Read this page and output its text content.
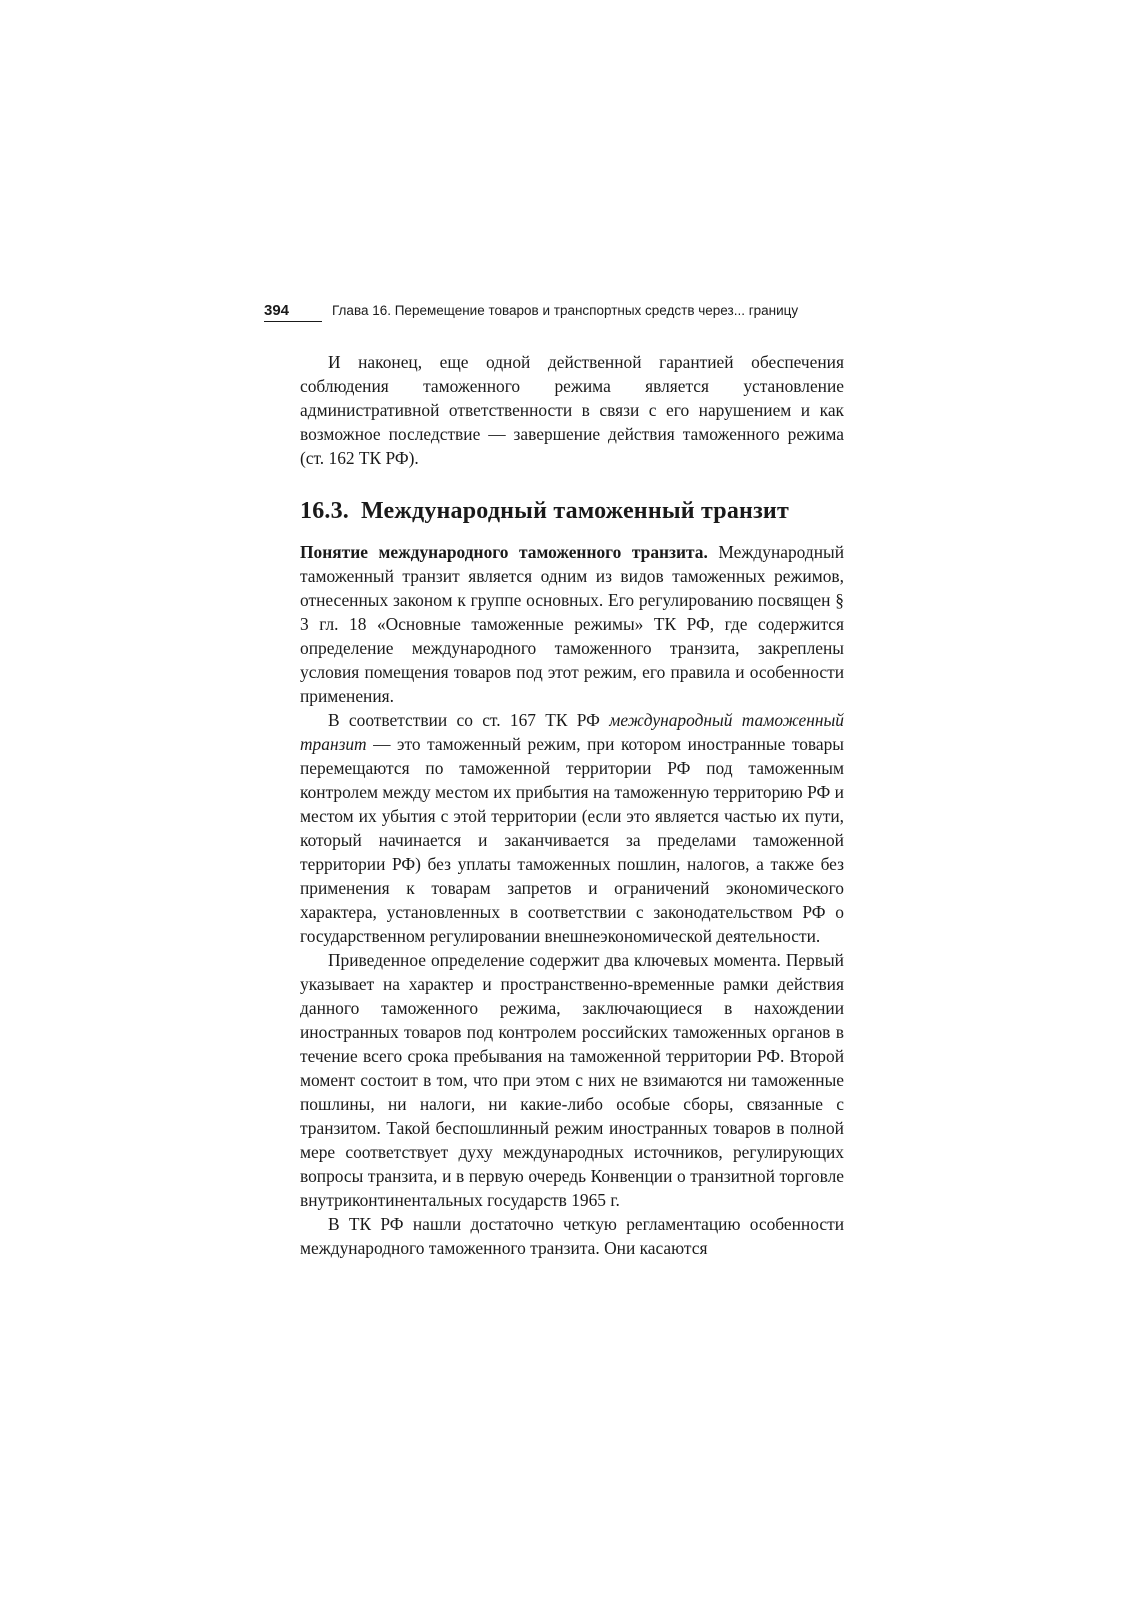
394	Глава 16. Перемещение товаров и транспортных средств через... границу

И наконец, еще одной действенной гарантией обеспечения соблюдения таможенного режима является установление административной ответственности в связи с его нарушением и как возможное последствие — завершение действия таможенного режима (ст. 162 ТК РФ).

16.3. Международный таможенный транзит

Понятие международного таможенного транзита. Международный таможенный транзит является одним из видов таможенных режимов, отнесенных законом к группе основных. Его регулированию посвящен § 3 гл. 18 «Основные таможенные режимы» ТК РФ, где содержится определение международного таможенного транзита, закреплены условия помещения товаров под этот режим, его правила и особенности применения.

В соответствии со ст. 167 ТК РФ международный таможенный транзит — это таможенный режим, при котором иностранные товары перемещаются по таможенной территории РФ под таможенным контролем между местом их прибытия на таможенную территорию РФ и местом их убытия с этой территории (если это является частью их пути, который начинается и заканчивается за пределами таможенной территории РФ) без уплаты таможенных пошлин, налогов, а также без применения к товарам запретов и ограничений экономического характера, установленных в соответствии с законодательством РФ о государственном регулировании внешнеэкономической деятельности.

Приведенное определение содержит два ключевых момента. Первый указывает на характер и пространственно-временные рамки действия данного таможенного режима, заключающиеся в нахождении иностранных товаров под контролем российских таможенных органов в течение всего срока пребывания на таможенной территории РФ. Второй момент состоит в том, что при этом с них не взимаются ни таможенные пошлины, ни налоги, ни какие-либо особые сборы, связанные с транзитом. Такой беспошлинный режим иностранных товаров в полной мере соответствует духу международных источников, регулирующих вопросы транзита, и в первую очередь Конвенции о транзитной торговле внутриконтинентальных государств 1965 г.

В ТК РФ нашли достаточно четкую регламентацию особенности международного таможенного транзита. Они касаются
